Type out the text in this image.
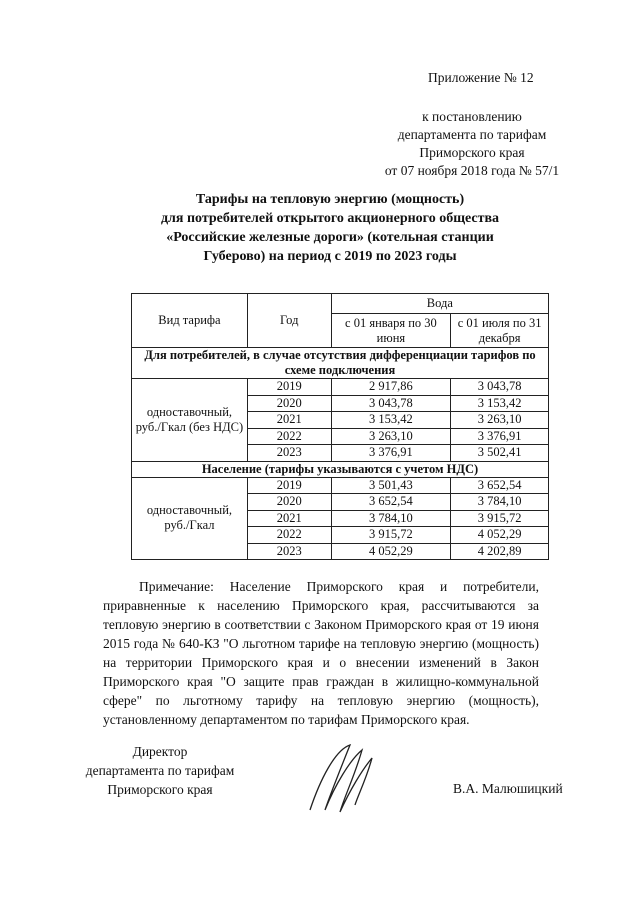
Приложение № 12
к постановлению
департамента по тарифам
Приморского края
от 07 ноября 2018 года № 57/1
Тарифы на тепловую энергию (мощность)
для потребителей открытого акционерного общества
«Российские железные дороги» (котельная станции
Губерово) на период с 2019 по 2023 годы
Вид тарифа	Год	Вода	
		с 01 января по 30 июня	с 01 июля по 31 декабря
Для потребителей, в случае отсутствия дифференциации тарифов по схеме подключения			
одноставочный, руб./Гкал (без НДС)	2019	2 917,86	3 043,78
	2020	3 043,78	3 153,42
	2021	3 153,42	3 263,10
	2022	3 263,10	3 376,91
	2023	3 376,91	3 502,41
Население (тарифы указываются с учетом НДС)			
одноставочный, руб./Гкал	2019	3 501,43	3 652,54
	2020	3 652,54	3 784,10
	2021	3 784,10	3 915,72
	2022	3 915,72	4 052,29
	2023	4 052,29	4 202,89
Примечание: Население Приморского края и потребители, приравненные к населению Приморского края, рассчитываются за тепловую энергию в соответствии с Законом Приморского края от 19 июня 2015 года № 640-КЗ "О льготном тарифе на тепловую энергию (мощность) на территории Приморского края и о внесении изменений в Закон Приморского края "О защите прав граждан в жилищно-коммунальной сфере" по льготному тарифу на тепловую энергию (мощность), установленному департаментом по тарифам Приморского края.
Директор
департамента по тарифам
Приморского края	В.А. Малюшицкий
